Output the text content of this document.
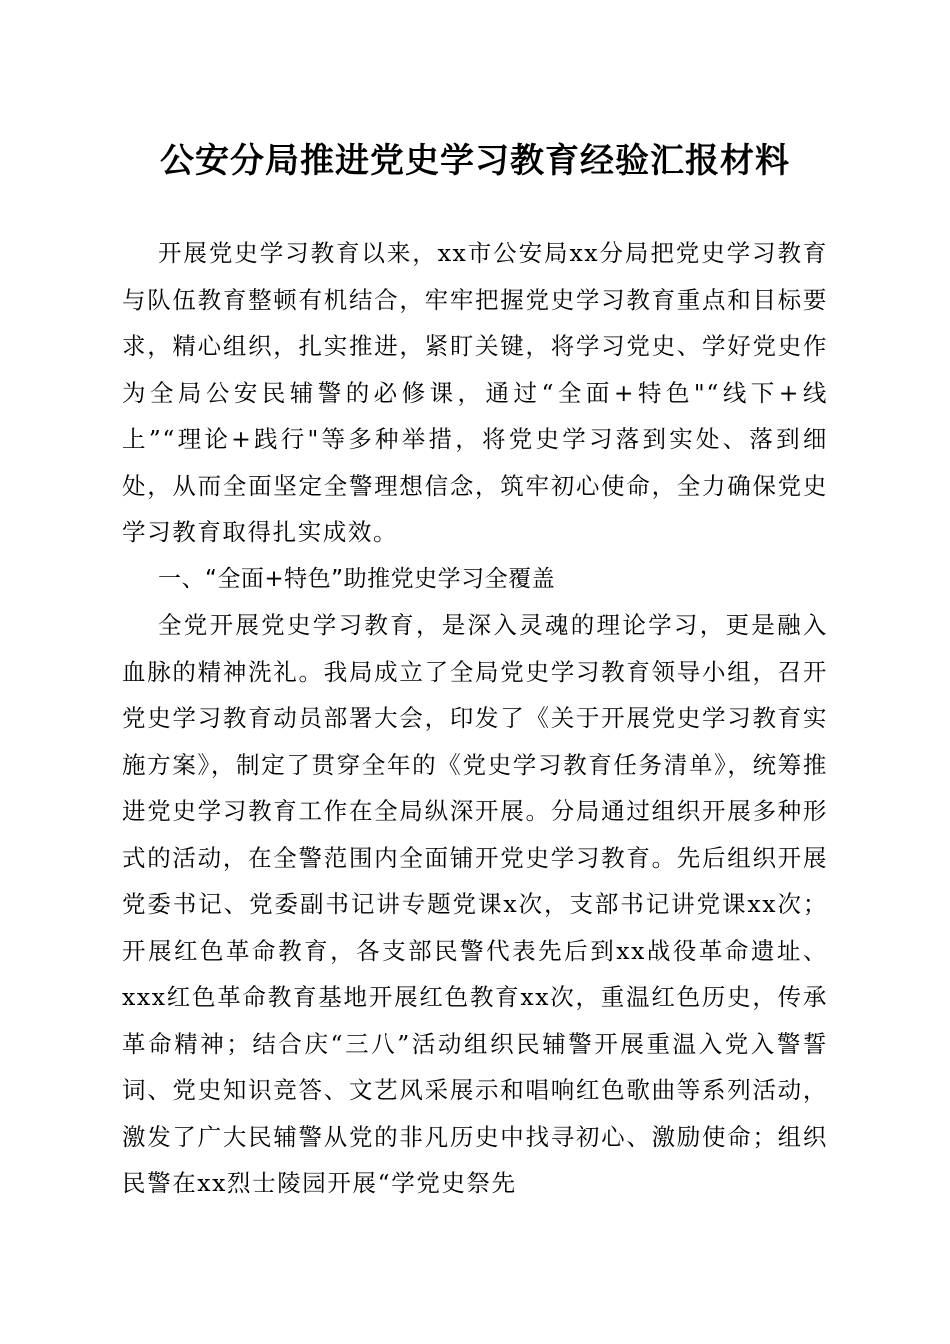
公安分局推进党史学习教育经验汇报材料

开展党史学习教育以来，xx市公安局xx分局把党史学习教育与队伍教育整顿有机结合，牢牢把握党史学习教育重点和目标要求，精心组织，扎实推进，紧盯关键，将学习党史、学好党史作为全局公安民辅警的必修课，通过“全面+特色"“线下+线上”“理论+践行"等多种举措，将党史学习落到实处、落到细处，从而全面坚定全警理想信念，筑牢初心使命，全力确保党史学习教育取得扎实成效。

一、“全面+特色”助推党史学习全覆盖

全党开展党史学习教育，是深入灵魂的理论学习，更是融入血脉的精神洗礼。我局成立了全局党史学习教育领导小组，召开党史学习教育动员部署大会，印发了《关于开展党史学习教育实施方案》，制定了贯穿全年的《党史学习教育任务清单》，统筹推进党史学习教育工作在全局纵深开展。分局通过组织开展多种形式的活动，在全警范围内全面铺开党史学习教育。先后组织开展党委书记、党委副书记讲专题党课x次，支部书记讲党课xx次；开展红色革命教育，各支部民警代表先后到xx战役革命遗址、xxx红色革命教育基地开展红色教育xx次，重温红色历史，传承革命精神；结合庆“三八”活动组织民辅警开展重温入党入警誓词、党史知识竞答、文艺风采展示和唱响红色歌曲等系列活动，激发了广大民辅警从党的非凡历史中找寻初心、激励使命；组织民警在xx烈士陵园开展“学党史祭先
